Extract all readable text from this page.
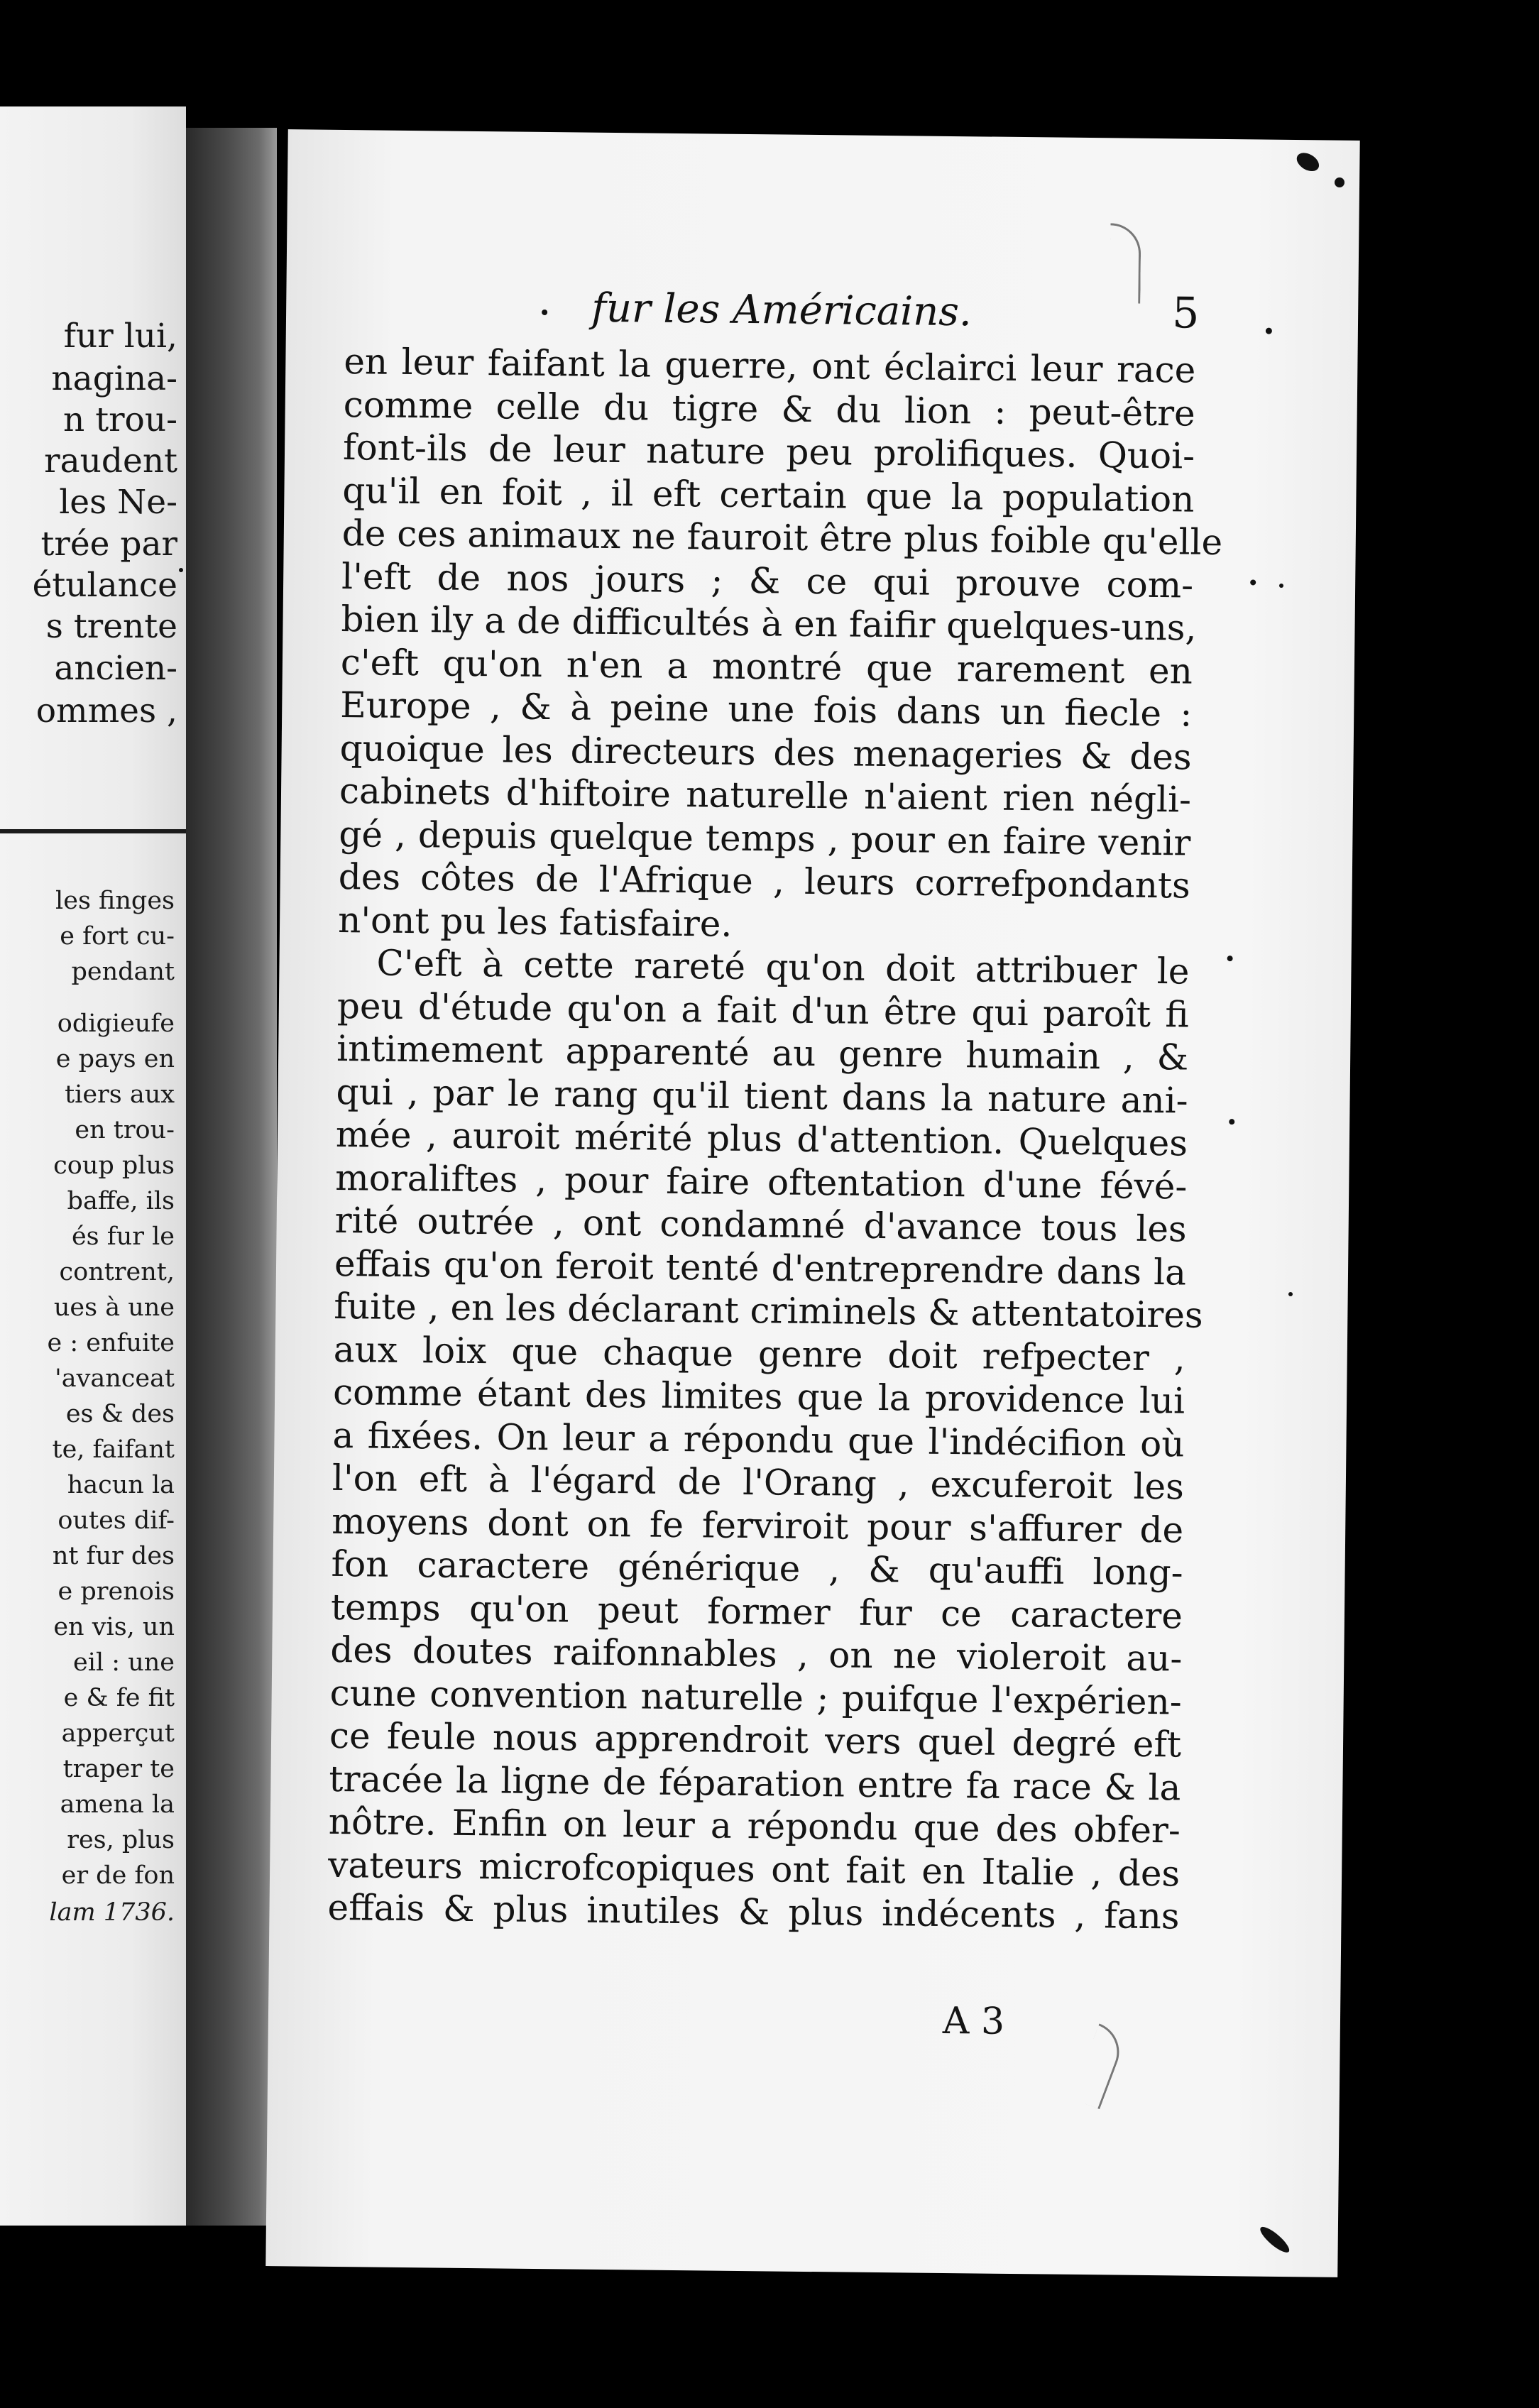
fur lui,
nagina-
n trou-
raudent
les Ne-
trée par
étulance
s trente
ancien-
ommes ,
les finges
e fort cu-
pendant
odigieufe
e pays en
tiers aux
en trou-
coup plus
baffe, ils
és fur le
contrent,
ues à une
e : enfuite
'avanceat
es & des
te, faifant
hacun la
outes dif-
nt fur des
e prenois
en vis, un
eil : une
e & fe fit
apperçut
traper te
amena la
res, plus
er de fon
lam 1736.
fur les Américains.	5
en leur faifant la guerre, ont éclairci leur race
comme celle du tigre & du lion : peut-être
font-ils de leur nature peu prolifiques. Quoi-
qu'il en foit , il eft certain que la population
de ces animaux ne fauroit être plus foible qu'elle
l'eft de nos jours ; & ce qui prouve com-
bien ily a de difficultés à en faifir quelques-uns,
c'eft qu'on n'en a montré que rarement en
Europe , & à peine une fois dans un fiecle :
quoique les directeurs des menageries & des
cabinets d'hiftoire naturelle n'aient rien négli-
gé , depuis quelque temps , pour en faire venir
des côtes de l'Afrique , leurs correfpondants
n'ont pu les fatisfaire.
C'eft à cette rareté qu'on doit attribuer le
peu d'étude qu'on a fait d'un être qui paroît fi
intimement apparenté au genre humain , &
qui , par le rang qu'il tient dans la nature ani-
mée , auroit mérité plus d'attention. Quelques
moraliftes , pour faire oftentation d'une févé-
rité outrée , ont condamné d'avance tous les
effais qu'on feroit tenté d'entreprendre dans la
fuite , en les déclarant criminels & attentatoires
aux loix que chaque genre doit refpecter ,
comme étant des limites que la providence lui
a fixées. On leur a répondu que l'indécifion où
l'on eft à l'égard de l'Orang , excuferoit les
moyens dont on fe ferviroit pour s'affurer de
fon caractere générique , & qu'auffi long-
temps qu'on peut former fur ce caractere
des doutes raifonnables , on ne violeroit au-
cune convention naturelle ; puifque l'expérien-
ce feule nous apprendroit vers quel degré eft
tracée la ligne de féparation entre fa race & la
nôtre. Enfin on leur a répondu que des obfer-
vateurs microfcopiques ont fait en Italie , des
effais & plus inutiles & plus indécents , fans
A 3
